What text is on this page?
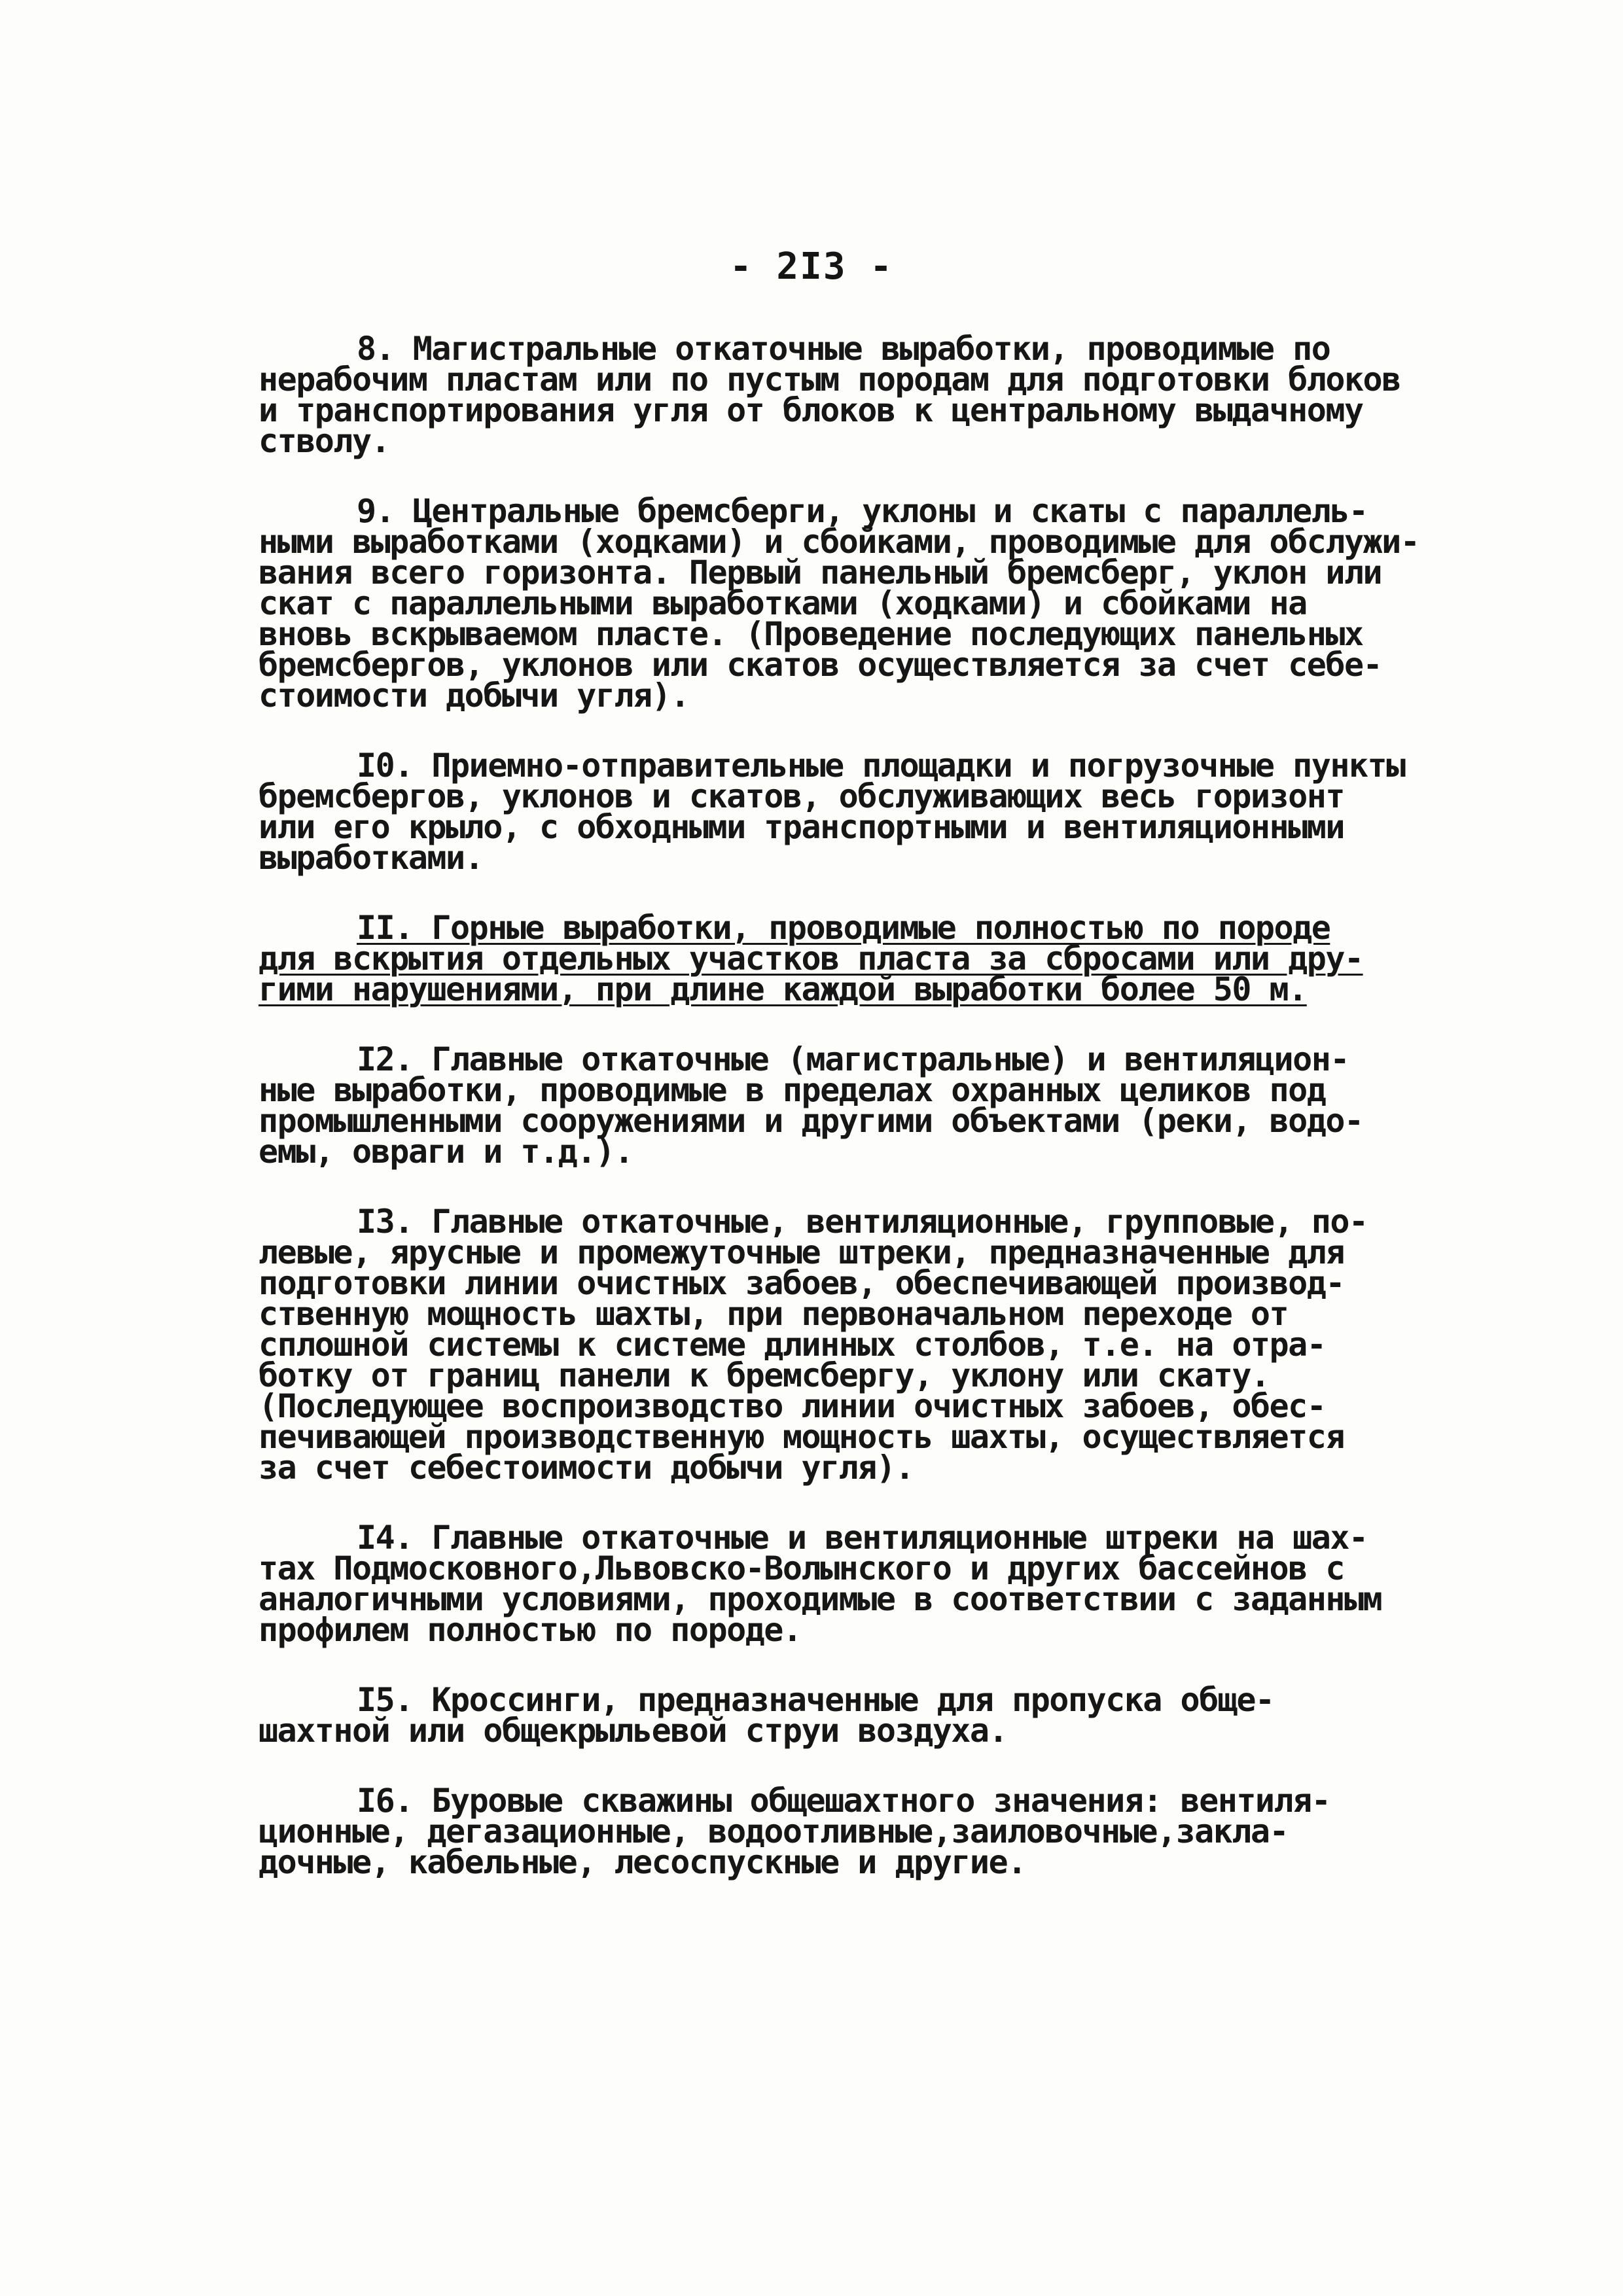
- 2I3 -
8. Магистральные откаточные выработки, проводимые по
нерабочим пластам или по пустым породам для подготовки блоков
и транспортирования угля от блоков к центральному выдачному
стволу.
9. Центральные бремсберги, уклоны и скаты с параллель-
ными выработками (ходками) и сбойками, проводимые для обслужи-
вания всего горизонта. Первый панельный бремсберг, уклон или
скат с параллельными выработками (ходками) и сбойками на
вновь вскрываемом пласте. (Проведение последующих панельных
бремсбергов, уклонов или скатов осуществляется за счет себе-
стоимости добычи угля).
I0. Приемно-отправительные площадки и погрузочные пункты
бремсбергов, уклонов и скатов, обслуживающих весь горизонт
или его крыло, с обходными транспортными и вентиляционными
выработками.
II. Горные выработки, проводимые полностью по породе
для вскрытия отдельных участков пласта за сбросами или дру-
гими нарушениями, при длине каждой выработки более 50 м.
I2. Главные откаточные (магистральные) и вентиляцион-
ные выработки, проводимые в пределах охранных целиков под
промышленными сооружениями и другими объектами (реки, водо-
емы, овраги и т.д.).
I3. Главные откаточные, вентиляционные, групповые, по-
левые, ярусные и промежуточные штреки, предназначенные для
подготовки линии очистных забоев, обеспечивающей производ-
ственную мощность шахты, при первоначальном переходе от
сплошной системы к системе длинных столбов, т.е. на отра-
ботку от границ панели к бремсбергу, уклону или скату.
(Последующее воспроизводство линии очистных забоев, обес-
печивающей производственную мощность шахты, осуществляется
за счет себестоимости добычи угля).
I4. Главные откаточные и вентиляционные штреки на шах-
тах Подмосковного,Львовско-Волынского и других бассейнов с
аналогичными условиями, проходимые в соответствии с заданным
профилем полностью по породе.
I5. Кроссинги, предназначенные для пропуска обще-
шахтной или общекрыльевой струи воздуха.
I6. Буровые скважины общешахтного значения: вентиля-
ционные, дегазационные, водоотливные,заиловочные,закла-
дочные, кабельные, лесоспускные и другие.
